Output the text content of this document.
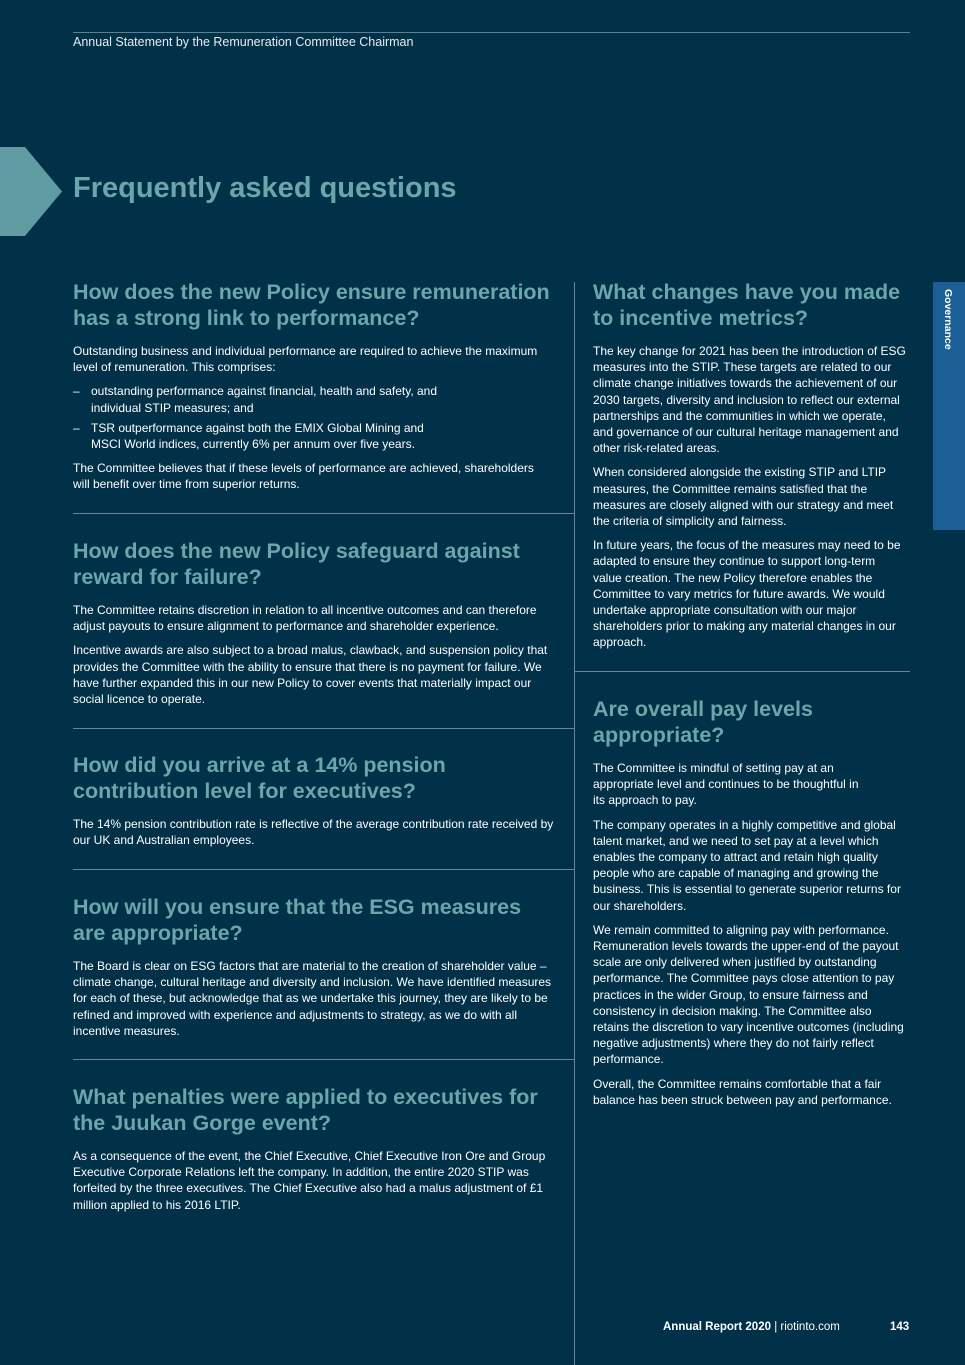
Annual Statement by the Remuneration Committee Chairman
Frequently asked questions
Governance
How does the new Policy ensure remuneration has a strong link to performance?

Outstanding business and individual performance are required to achieve the maximum level of remuneration. This comprises:

– outstanding performance against financial, health and safety, and individual STIP measures; and
– TSR outperformance against both the EMIX Global Mining and MSCI World indices, currently 6% per annum over five years.

The Committee believes that if these levels of performance are achieved, shareholders will benefit over time from superior returns.

How does the new Policy safeguard against reward for failure?

The Committee retains discretion in relation to all incentive outcomes and can therefore adjust payouts to ensure alignment to performance and shareholder experience.

Incentive awards are also subject to a broad malus, clawback, and suspension policy that provides the Committee with the ability to ensure that there is no payment for failure. We have further expanded this in our new Policy to cover events that materially impact our social licence to operate.

How did you arrive at a 14% pension contribution level for executives?

The 14% pension contribution rate is reflective of the average contribution rate received by our UK and Australian employees.

How will you ensure that the ESG measures are appropriate?

The Board is clear on ESG factors that are material to the creation of shareholder value – climate change, cultural heritage and diversity and inclusion. We have identified measures for each of these, but acknowledge that as we undertake this journey, they are likely to be refined and improved with experience and adjustments to strategy, as we do with all incentive measures.

What penalties were applied to executives for the Juukan Gorge event?

As a consequence of the event, the Chief Executive, Chief Executive Iron Ore and Group Executive Corporate Relations left the company. In addition, the entire 2020 STIP was forfeited by the three executives. The Chief Executive also had a malus adjustment of £1 million applied to his 2016 LTIP.

What changes have you made to incentive metrics?

The key change for 2021 has been the introduction of ESG measures into the STIP. These targets are related to our climate change initiatives towards the achievement of our 2030 targets, diversity and inclusion to reflect our external partnerships and the communities in which we operate, and governance of our cultural heritage management and other risk-related areas.

When considered alongside the existing STIP and LTIP measures, the Committee remains satisfied that the measures are closely aligned with our strategy and meet the criteria of simplicity and fairness.

In future years, the focus of the measures may need to be adapted to ensure they continue to support long-term value creation. The new Policy therefore enables the Committee to vary metrics for future awards. We would undertake appropriate consultation with our major shareholders prior to making any material changes in our approach.

Are overall pay levels appropriate?

The Committee is mindful of setting pay at an appropriate level and continues to be thoughtful in its approach to pay.

The company operates in a highly competitive and global talent market, and we need to set pay at a level which enables the company to attract and retain high quality people who are capable of managing and growing the business. This is essential to generate superior returns for our shareholders.

We remain committed to aligning pay with performance. Remuneration levels towards the upper-end of the payout scale are only delivered when justified by outstanding performance. The Committee pays close attention to pay practices in the wider Group, to ensure fairness and consistency in decision making. The Committee also retains the discretion to vary incentive outcomes (including negative adjustments) where they do not fairly reflect performance.

Overall, the Committee remains comfortable that a fair balance has been struck between pay and performance.

Annual Report 2020 | riotinto.com	143
